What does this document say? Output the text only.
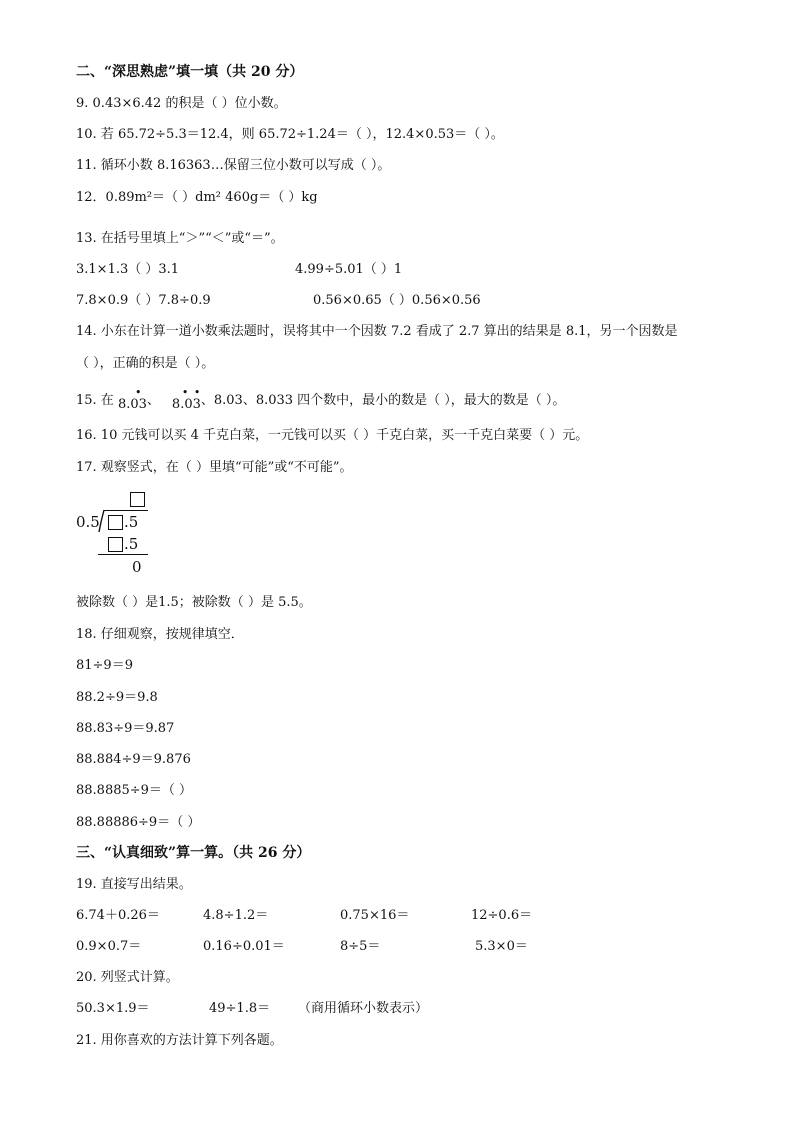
二、“深思熟虑”填一填（共 20 分）
9. 0.43×6.42 的积是（ ）位小数。
10. 若 65.72÷5.3＝12.4，则 65.72÷1.24＝（ ），12.4×0.53＝（ ）。
11. 循环小数 8.16363…保留三位小数可以写成（ ）。
12．0.89m²＝（ ）dm² 460g＝（ ）kg
13. 在括号里填上“＞”“＜”或“＝”。
3.1×1.3（ ）3.1	4.99÷5.01（ ）1
7.8×0.9（ ）7.8÷0.9	0.56×0.65（ ）0.56×0.56
14. 小东在计算一道小数乘法题时，误将其中一个因数 7.2 看成了 2.7 算出的结果是 8.1，另一个因数是
（ ），正确的积是（ ）。
15. 在
•
8.03、
• •
8.03、8.03、8.033 四个数中，最小的数是（ ），最大的数是（ ）。
16. 10 元钱可以买 4 千克白菜，一元钱可以买（ ）千克白菜，买一千克白菜要（ ）元。
17. 观察竖式，在（ ）里填“可能”或“不可能”。
0.5 .5
.5
0
被除数（ ）是1.5；被除数（ ）是 5.5。
18. 仔细观察，按规律填空．
81÷9＝9
88.2÷9＝9.8
88.83÷9＝9.87
88.884÷9＝9.876
88.8885÷9＝（ ）
88.88886÷9＝（ ）
三、“认真细致”算一算。（共 26 分）
19. 直接写出结果。
6.74＋0.26＝	4.8÷1.2＝	0.75×16＝	12÷0.6＝
0.9×0.7＝	0.16÷0.01＝	8÷5＝	5.3×0＝
20. 列竖式计算。
50.3×1.9＝	49÷1.8＝ （商用循环小数表示）
21. 用你喜欢的方法计算下列各题。
